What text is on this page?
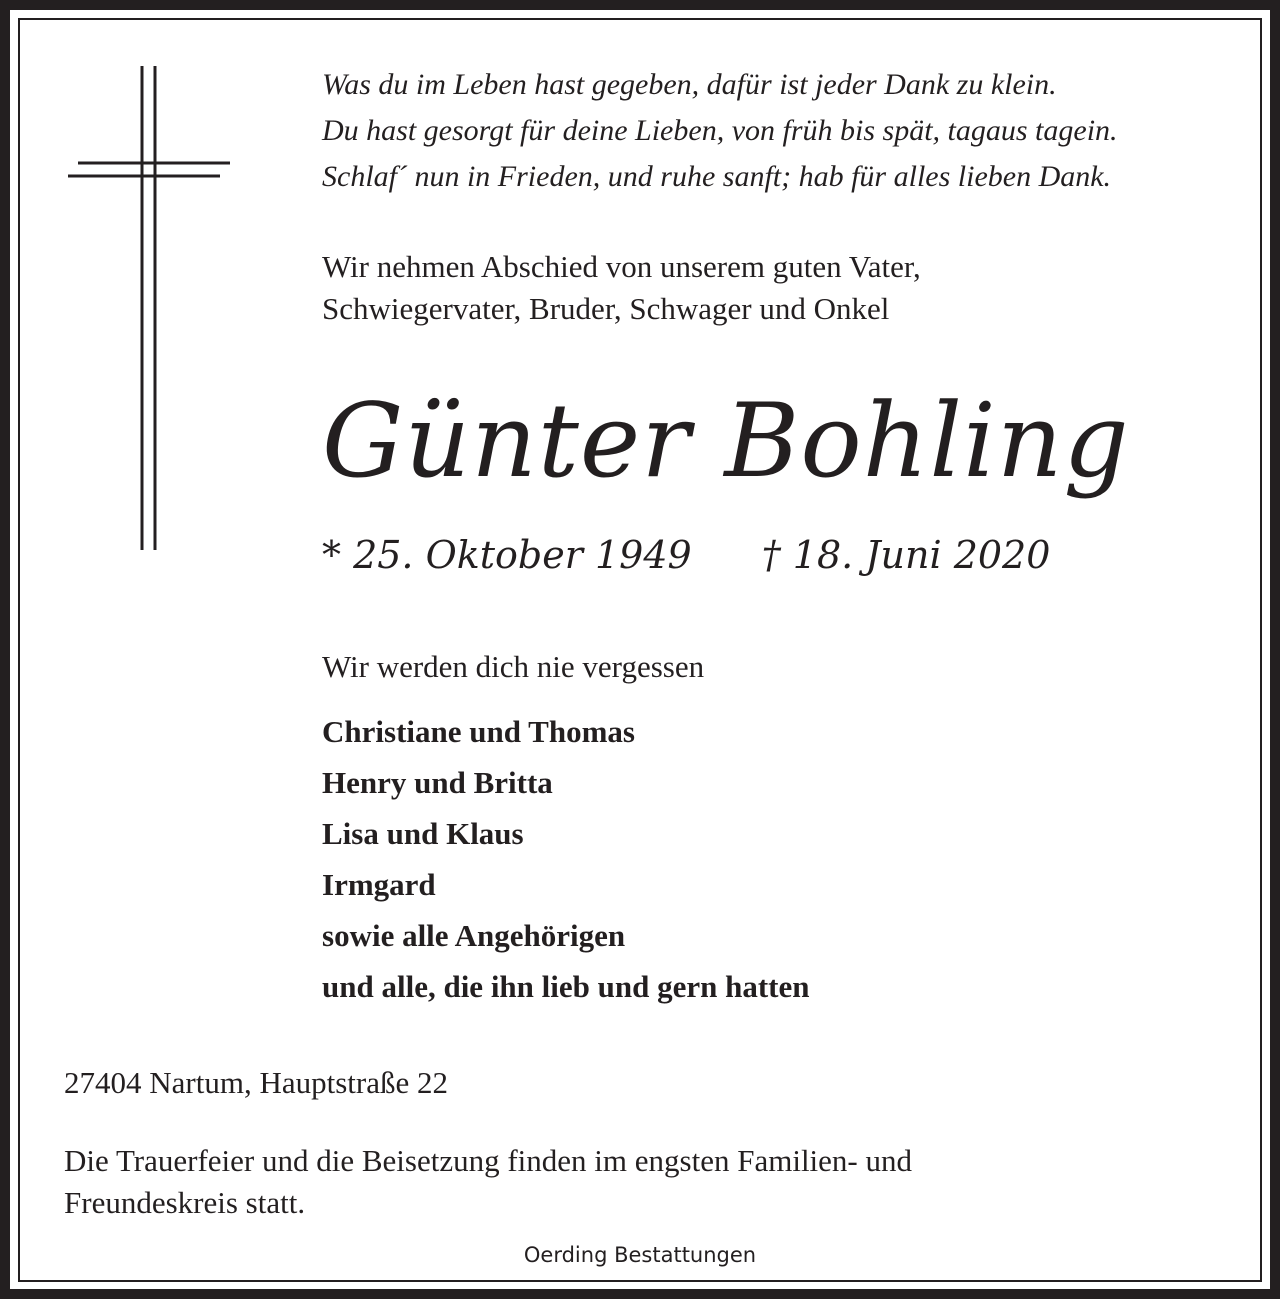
Was du im Leben hast gegeben, dafür ist jeder Dank zu klein.
Du hast gesorgt für deine Lieben, von früh bis spät, tagaus tagein.
Schlaf´ nun in Frieden, und ruhe sanft; hab für alles lieben Dank.
Wir nehmen Abschied von unserem guten Vater,
Schwiegervater, Bruder, Schwager und Onkel
Günter Bohling
* 25. Oktober 1949 † 18. Juni 2020
Wir werden dich nie vergessen
Christiane und Thomas
Henry und Britta
Lisa und Klaus
Irmgard
sowie alle Angehörigen
und alle, die ihn lieb und gern hatten
27404 Nartum, Hauptstraße 22
Die Trauerfeier und die Beisetzung finden im engsten Familien- und
Freundeskreis statt.
Oerding Bestattungen
